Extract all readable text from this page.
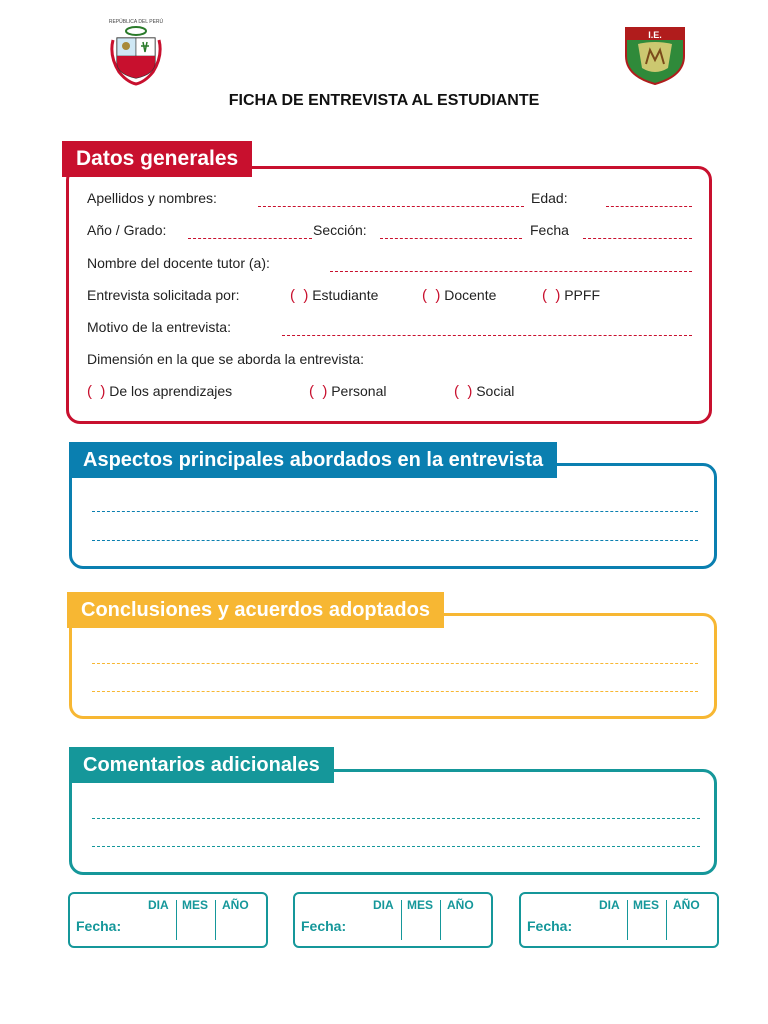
REPÚBLICA DEL PERÚ
I.E.
FICHA DE ENTREVISTA AL ESTUDIANTE
Datos generales
Apellidos y nombres:	Edad:
Año / Grado:	Sección:	Fecha
Nombre del docente tutor (a):
Entrevista solicitada por:	(  ) Estudiante	(  ) Docente	(  ) PPFF
Motivo de la entrevista:
Dimensión en la que se aborda la entrevista:
(  ) De los aprendizajes	(  ) Personal	(  ) Social
Aspectos principales abordados en la entrevista
Conclusiones y acuerdos adoptados
Comentarios adicionales
DIA MES AÑO
Fecha:
DIA MES AÑO
Fecha:
DIA MES AÑO
Fecha:
